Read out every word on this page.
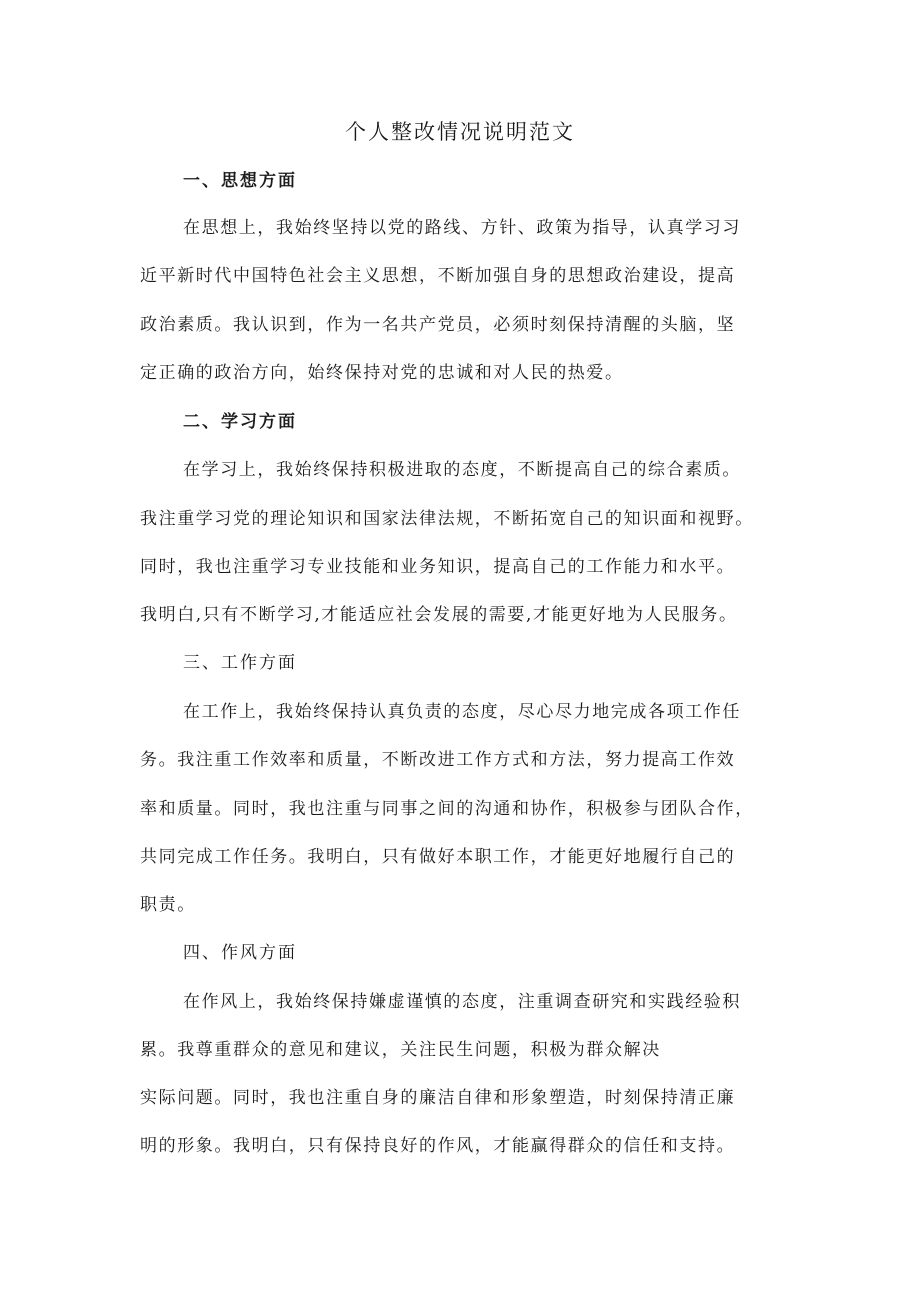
个人整改情况说明范文
一、思想方面

在思想上，我始终坚持以党的路线、方针、政策为指导，认真学习习

近平新时代中国特色社会主义思想，不断加强自身的思想政治建设，提高

政治素质。我认识到，作为一名共产党员，必须时刻保持清醒的头脑，坚

定正确的政治方向，始终保持对党的忠诚和对人民的热爱。

二、学习方面

在学习上，我始终保持积极进取的态度，不断提高自己的综合素质。

我注重学习党的理论知识和国家法律法规，不断拓宽自己的知识面和视野。

同时，我也注重学习专业技能和业务知识，提高自己的工作能力和水平。

我明白,只有不断学习,才能适应社会发展的需要,才能更好地为人民服务。

三、工作方面

在工作上，我始终保持认真负责的态度，尽心尽力地完成各项工作任

务。我注重工作效率和质量，不断改进工作方式和方法，努力提高工作效

率和质量。同时，我也注重与同事之间的沟通和协作，积极参与团队合作，

共同完成工作任务。我明白，只有做好本职工作，才能更好地履行自己的

职责。

四、作风方面

在作风上，我始终保持嫌虚谨慎的态度，注重调查研究和实践经验积

累。我尊重群众的意见和建议，关注民生问题，积极为群众解决

实际问题。同时，我也注重自身的廉洁自律和形象塑造，时刻保持清正廉

明的形象。我明白，只有保持良好的作风，才能赢得群众的信任和支持。
